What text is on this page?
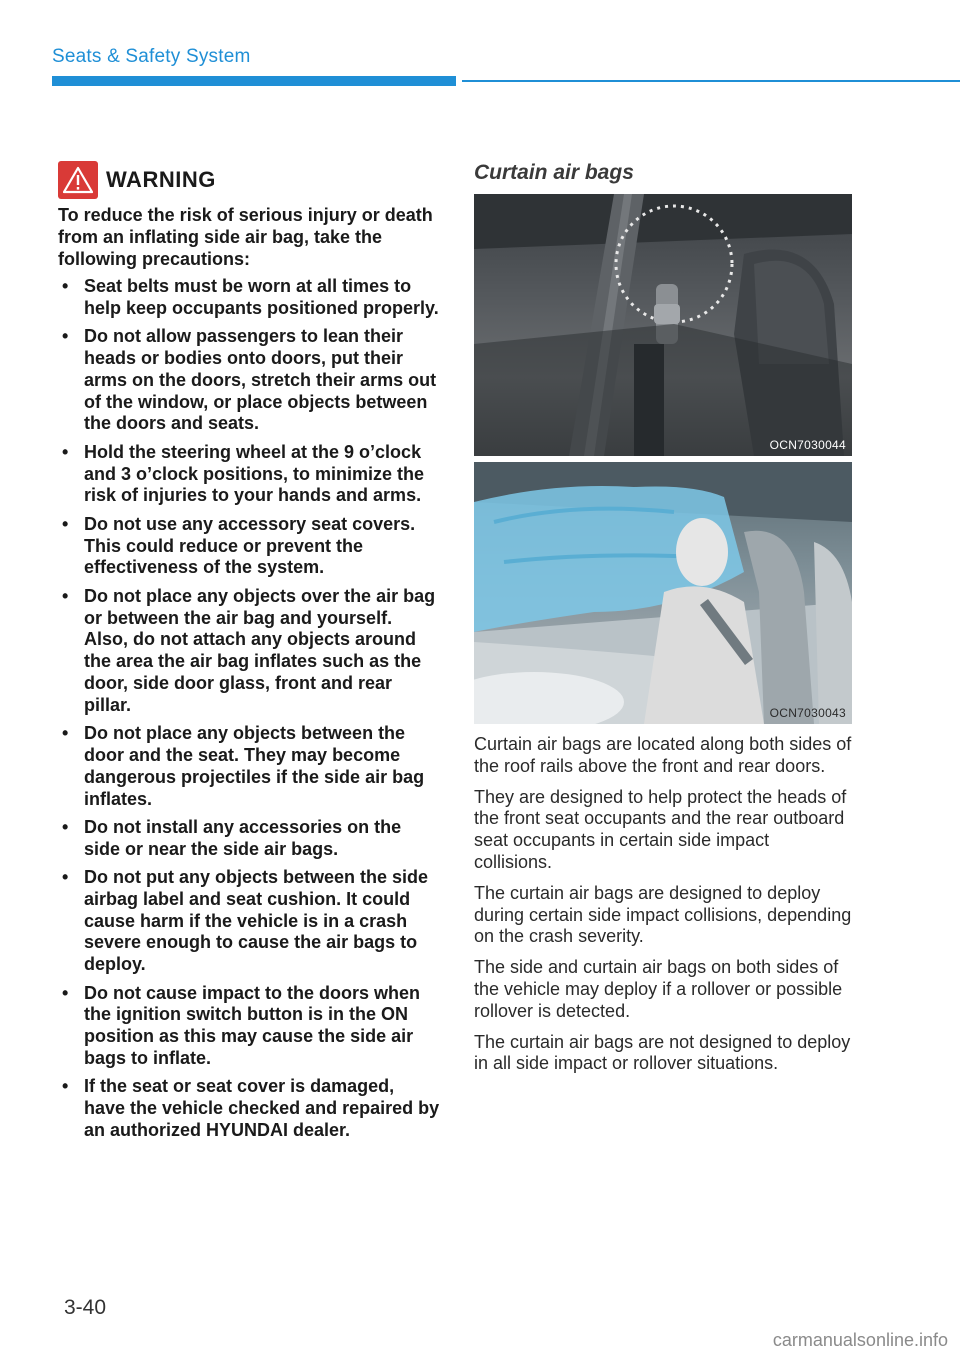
Seats & Safety System
WARNING
To reduce the risk of serious injury or death from an inflating side air bag, take the following precautions:
• Seat belts must be worn at all times to help keep occupants positioned properly.
• Do not allow passengers to lean their heads or bodies onto doors, put their arms on the doors, stretch their arms out of the window, or place objects between the doors and seats.
• Hold the steering wheel at the 9 o’clock and 3 o’clock positions, to minimize the risk of injuries to your hands and arms.
• Do not use any accessory seat covers. This could reduce or prevent the effectiveness of the system.
• Do not place any objects over the air bag or between the air bag and yourself. Also, do not attach any objects around the area the air bag inflates such as the door, side door glass, front and rear pillar.
• Do not place any objects between the door and the seat. They may become dangerous projectiles if the side air bag inflates.
• Do not install any accessories on the side or near the side air bags.
• Do not put any objects between the side airbag label and seat cushion. It could cause harm if the vehicle is in a crash severe enough to cause the air bags to deploy.
• Do not cause impact to the doors when the ignition switch button is in the ON position as this may cause the side air bags to inflate.
• If the seat or seat cover is damaged, have the vehicle checked and repaired by an authorized HYUNDAI dealer.
Curtain air bags
OCN7030044
OCN7030043

Curtain air bags are located along both sides of the roof rails above the front and rear doors.

They are designed to help protect the heads of the front seat occupants and the rear outboard seat occupants in certain side impact collisions.

The curtain air bags are designed to deploy during certain side impact collisions, depending on the crash severity.

The side and curtain air bags on both sides of the vehicle may deploy if a rollover or possible rollover is detected.

The curtain air bags are not designed to deploy in all side impact or rollover situations.

3-40
carmanualsonline.info
